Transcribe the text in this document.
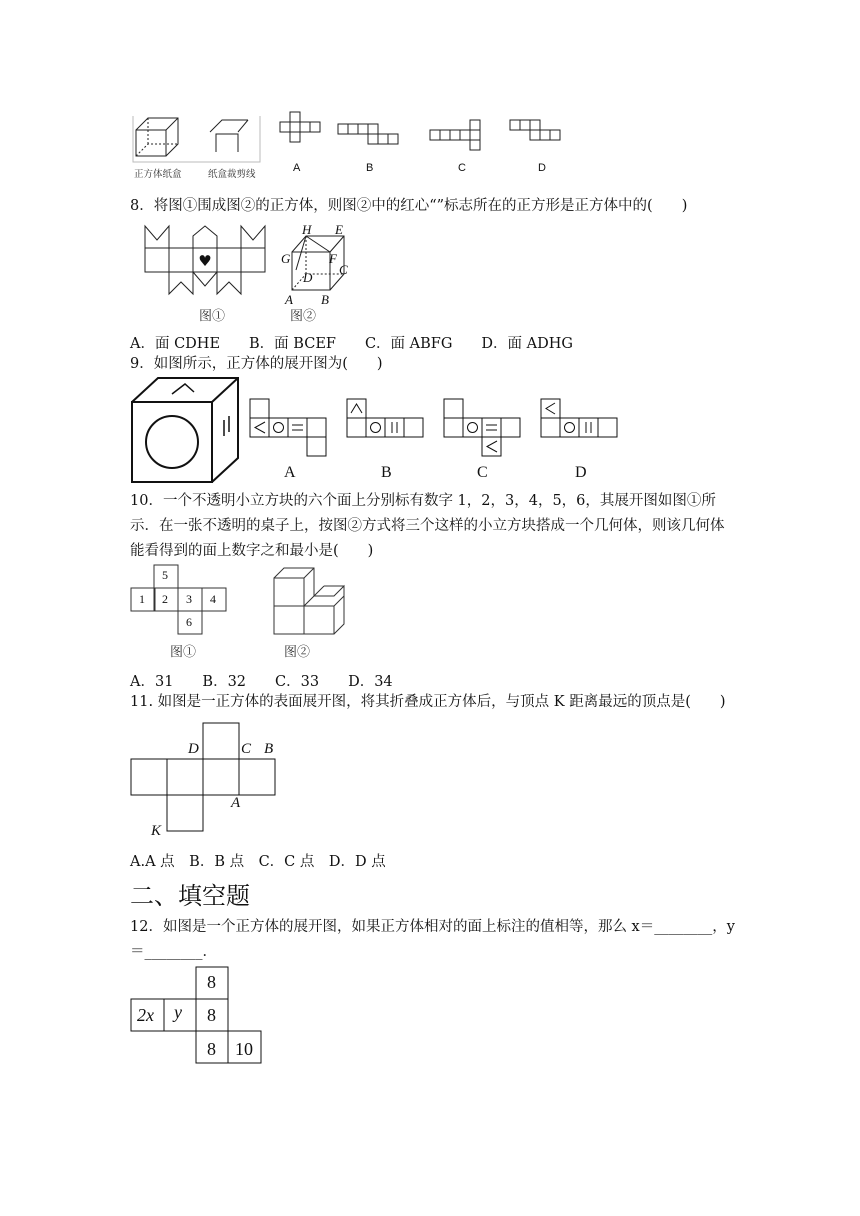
正方体纸盒	纸盒裁剪线
A	B	C	D
8．将图①围成图②的正方体，则图②中的红心“”标志所在的正方形是正方体中的(　　)
♥
图①
H E
G	F
C
D
A B
图②
A．面 CDHE　　B．面 BCEF　　C．面 ABFG　　D．面 ADHG
9．如图所示，正方体的展开图为(　　)
A	B	C	D
10．一个不透明小立方块的六个面上分别标有数字 1，2，3，4，5，6，其展开图如图①所示．在一张不透明的桌子上，按图②方式将三个这样的小立方块搭成一个几何体，则该几何体能看得到的面上数字之和最小是(　　)
5
1 2 3 4
6
图①	图②
A．31　　B．32　　C．33　　D．34
11. 如图是一正方体的表面展开图，将其折叠成正方体后，与顶点 K 距离最远的顶点是(　　)
D	C B
A
K
A.A 点　B．B 点　C．C 点　D．D 点
二、填空题
12．如图是一个正方体的展开图，如果正方体相对的面上标注的值相等，那么 x＝________，y＝________．
8
2x y 8
8 10
